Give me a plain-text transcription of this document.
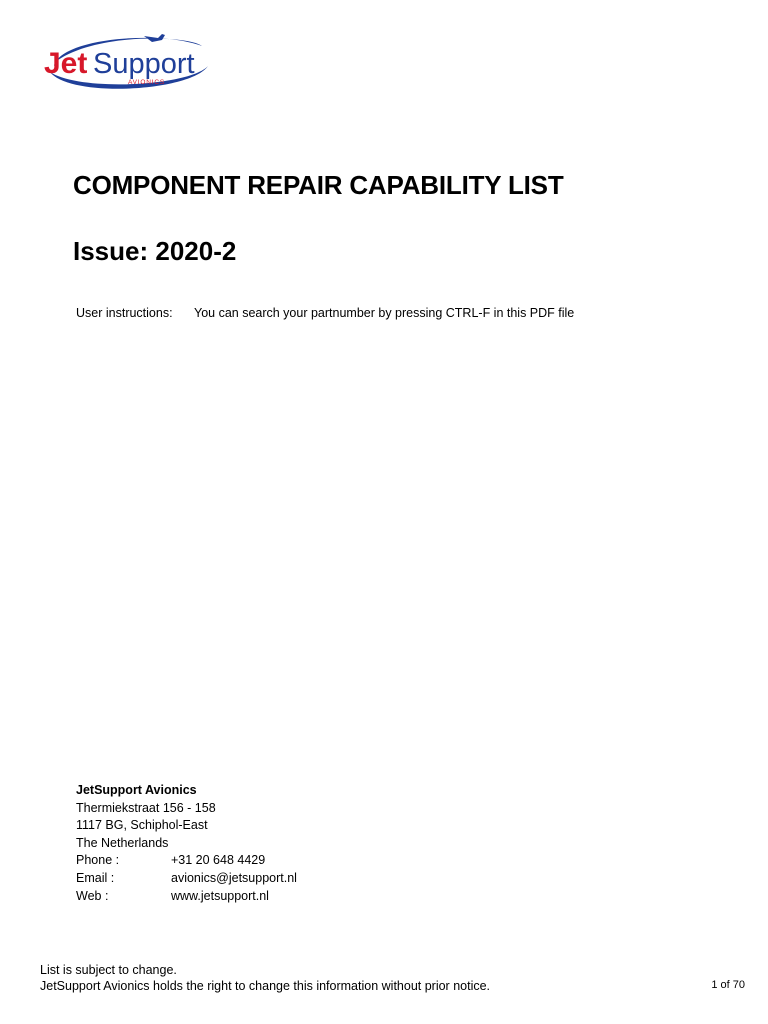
Jet Support
AVIONICS
COMPONENT REPAIR CAPABILITY LIST
Issue: 2020-2
User instructions: You can search your partnumber by pressing CTRL-F in this PDF file
JetSupport Avionics
Thermiekstraat 156 - 158
1117 BG, Schiphol-East
The Netherlands
Phone :	+31 20 648 4429
Email :	avionics@jetsupport.nl
Web :	www.jetsupport.nl
List is subject to change.
JetSupport Avionics holds the right to change this information without prior notice.	1 of 70
